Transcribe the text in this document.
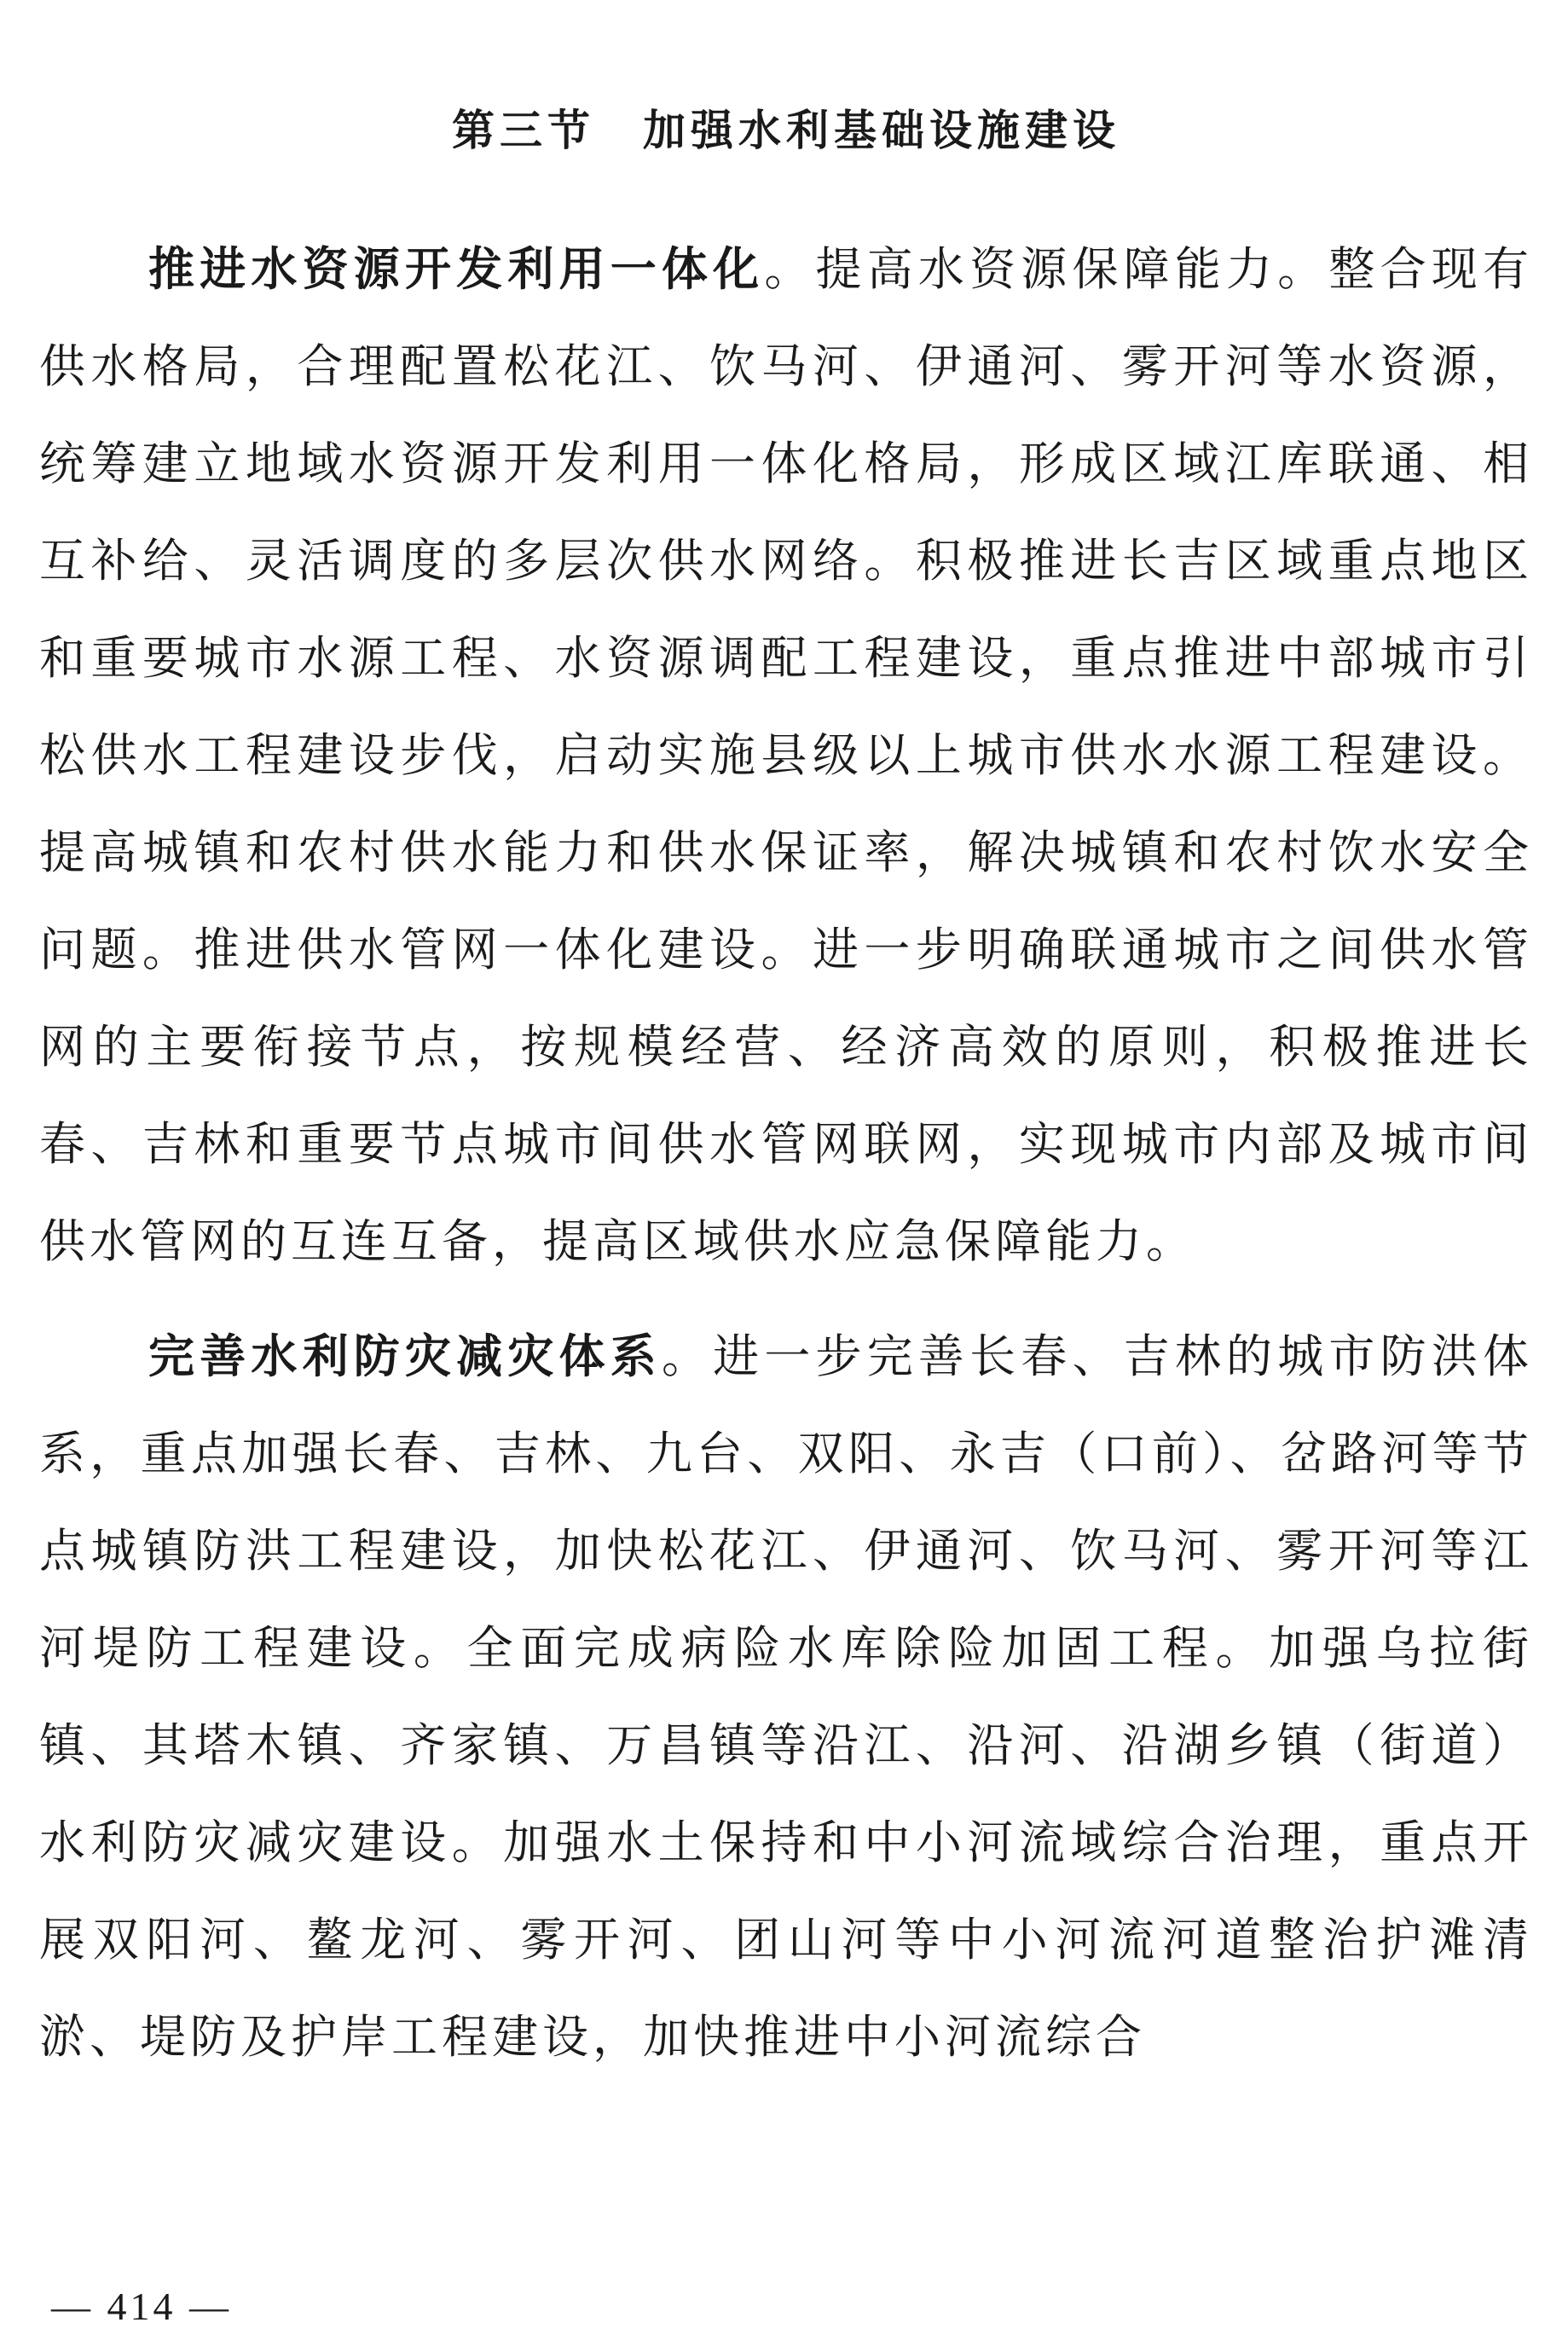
第三节　加强水利基础设施建设

推进水资源开发利用一体化。提高水资源保障能力。整合现有供水格局，合理配置松花江、饮马河、伊通河、雾开河等水资源，统筹建立地域水资源开发利用一体化格局，形成区域江库联通、相互补给、灵活调度的多层次供水网络。积极推进长吉区域重点地区和重要城市水源工程、水资源调配工程建设，重点推进中部城市引松供水工程建设步伐，启动实施县级以上城市供水水源工程建设。提高城镇和农村供水能力和供水保证率，解决城镇和农村饮水安全问题。推进供水管网一体化建设。进一步明确联通城市之间供水管网的主要衔接节点，按规模经营、经济高效的原则，积极推进长春、吉林和重要节点城市间供水管网联网，实现城市内部及城市间供水管网的互连互备，提高区域供水应急保障能力。

完善水利防灾减灾体系。进一步完善长春、吉林的城市防洪体系，重点加强长春、吉林、九台、双阳、永吉（口前）、岔路河等节点城镇防洪工程建设，加快松花江、伊通河、饮马河、雾开河等江河堤防工程建设。全面完成病险水库除险加固工程。加强乌拉街镇、其塔木镇、齐家镇、万昌镇等沿江、沿河、沿湖乡镇（街道）水利防灾减灾建设。加强水土保持和中小河流域综合治理，重点开展双阳河、鳌龙河、雾开河、团山河等中小河流河道整治护滩清淤、堤防及护岸工程建设，加快推进中小河流综合

— 414 —
